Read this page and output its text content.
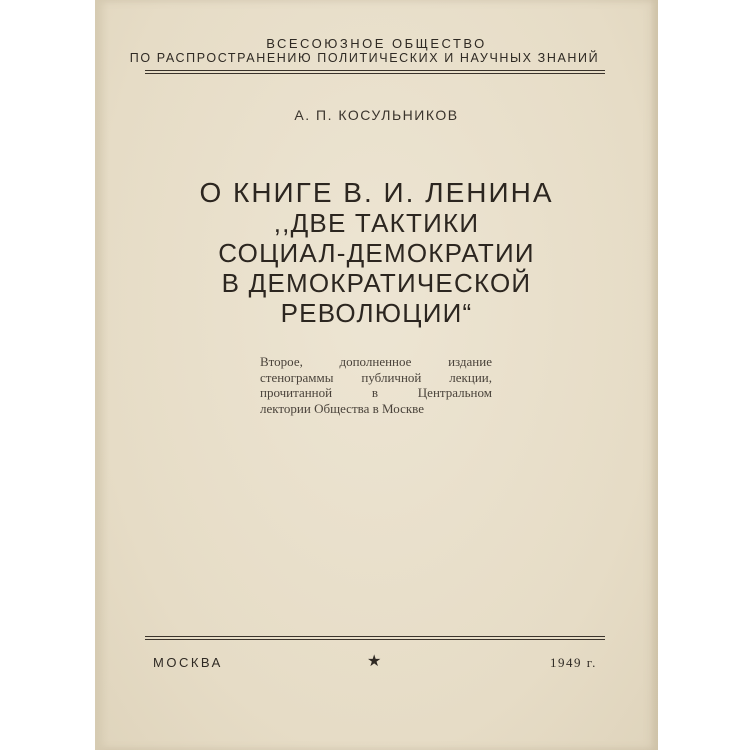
ВСЕСОЮЗНОЕ ОБЩЕСТВО
ПО РАСПРОСТРАНЕНИЮ ПОЛИТИЧЕСКИХ И НАУЧНЫХ ЗНАНИЙ
А. П. КОСУЛЬНИКОВ
О КНИГЕ В. И. ЛЕНИНА
,,ДВЕ ТАКТИКИ
СОЦИАЛ-ДЕМОКРАТИИ
В ДЕМОКРАТИЧЕСКОЙ
РЕВОЛЮЦИИ“
Второе, дополненное издание
стенограммы публичной лекции,
прочитанной в Центральном
лектории Общества в Москве
МОСКВА	★	1949 г.
